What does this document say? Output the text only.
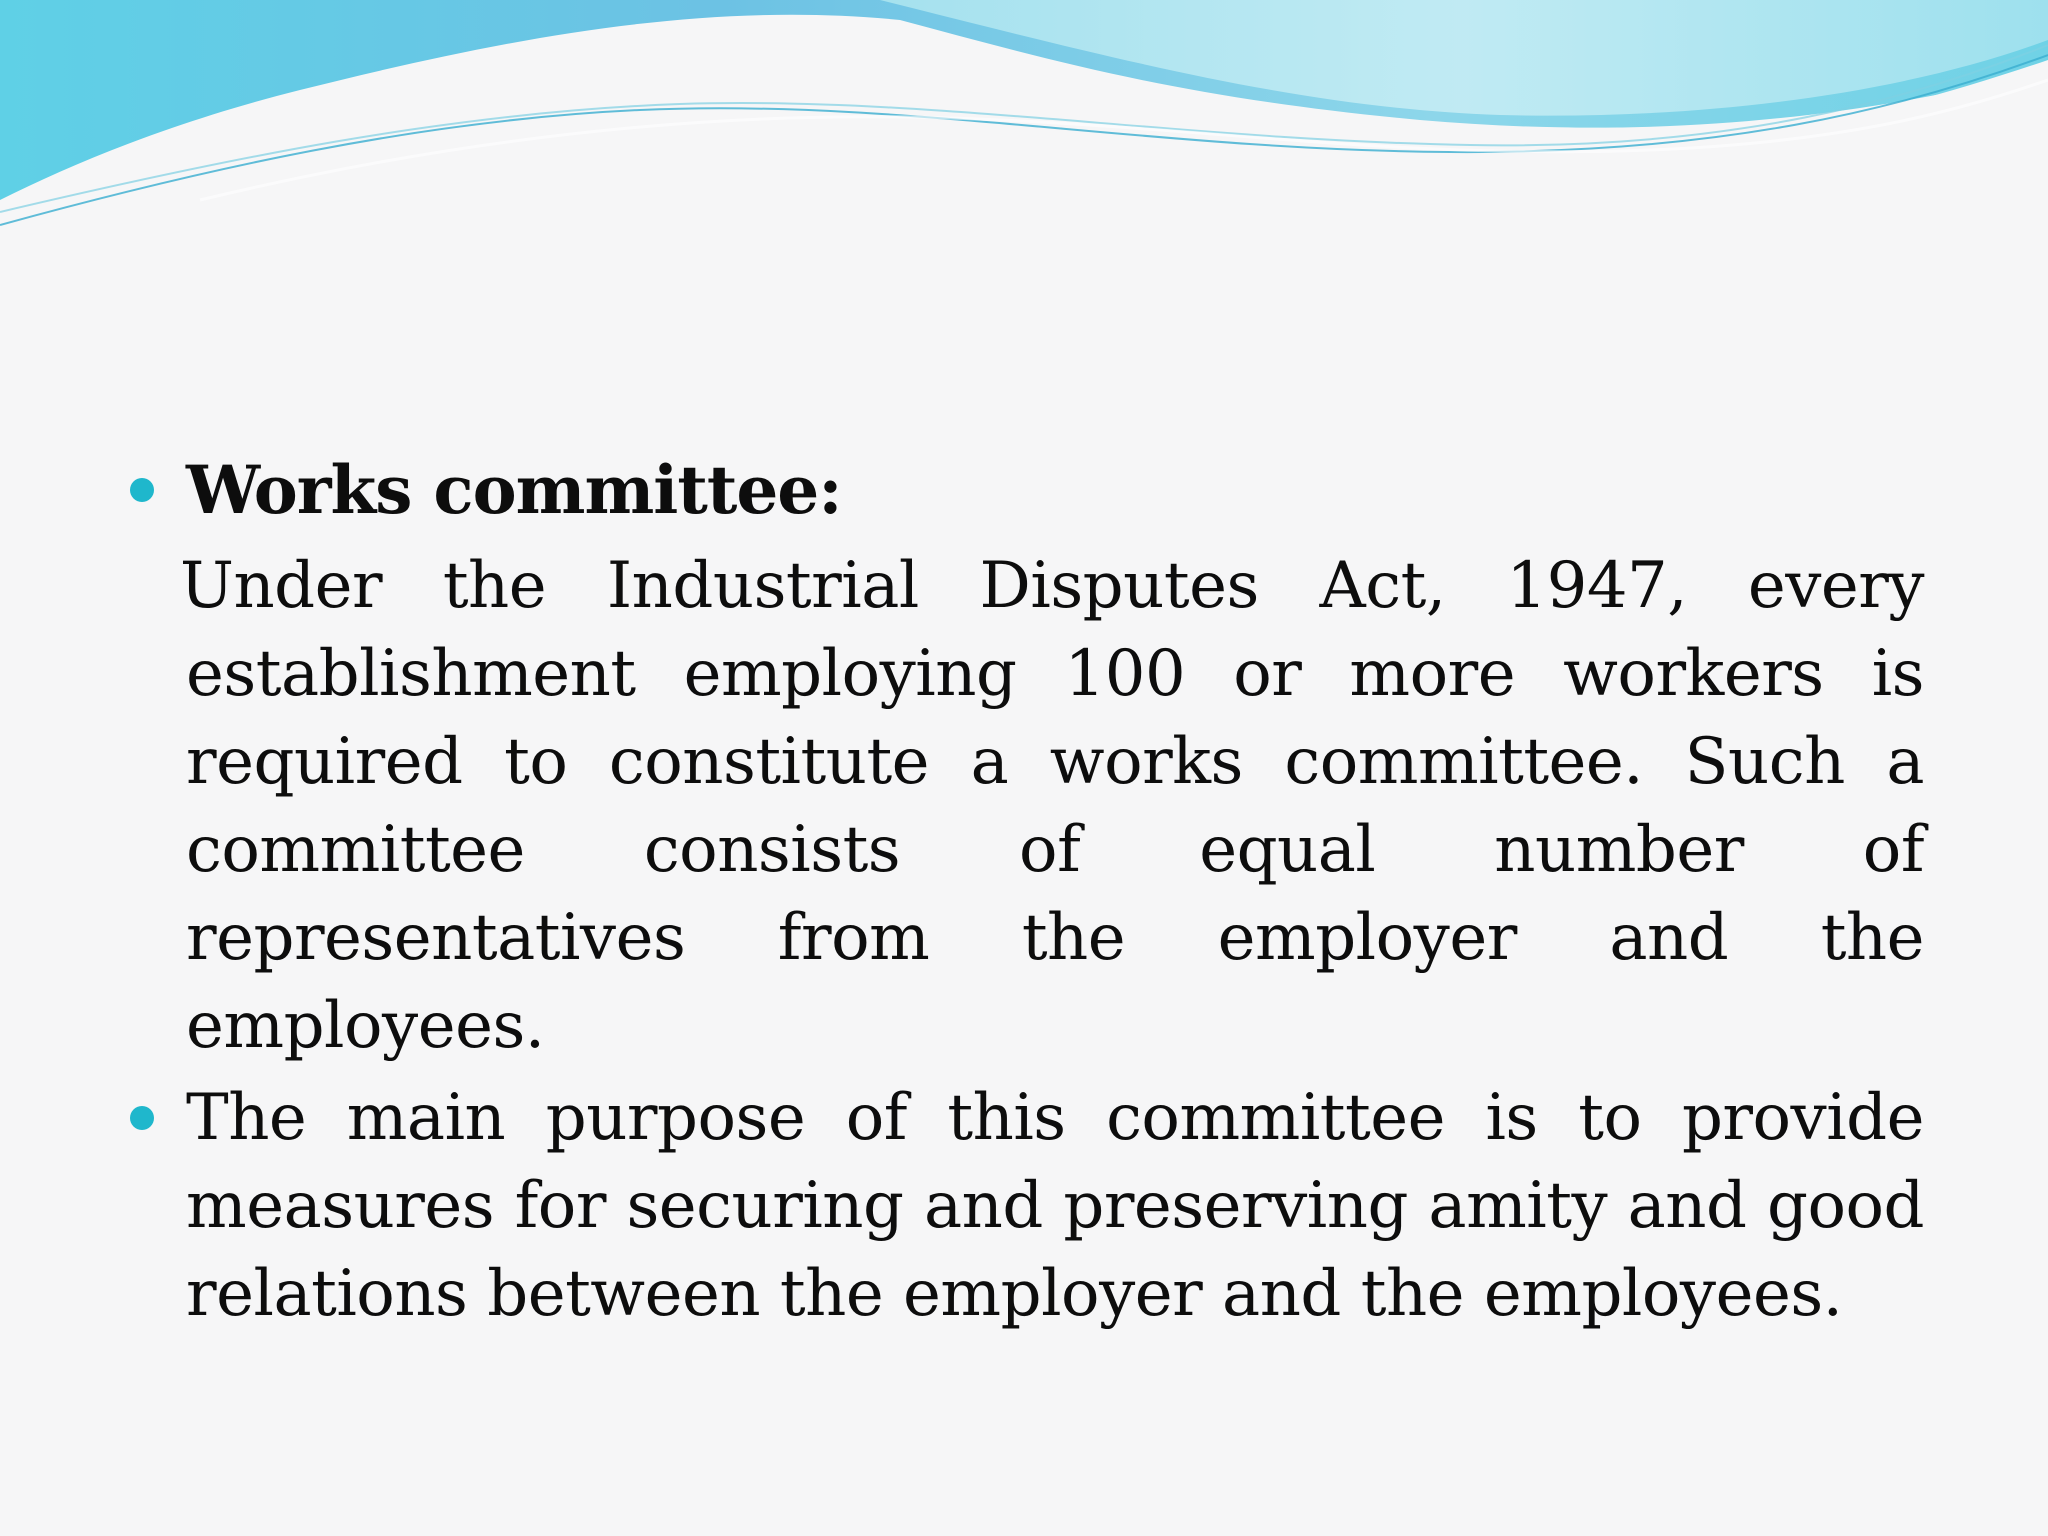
Works committee:

Under the Industrial Disputes Act, 1947, every establishment employing 100 or more workers is required to constitute a works committee. Such a committee consists of equal number of representatives from the employer and the employees.

The main purpose of this committee is to provide measures for securing and preserving amity and good relations between the employer and the employees.
